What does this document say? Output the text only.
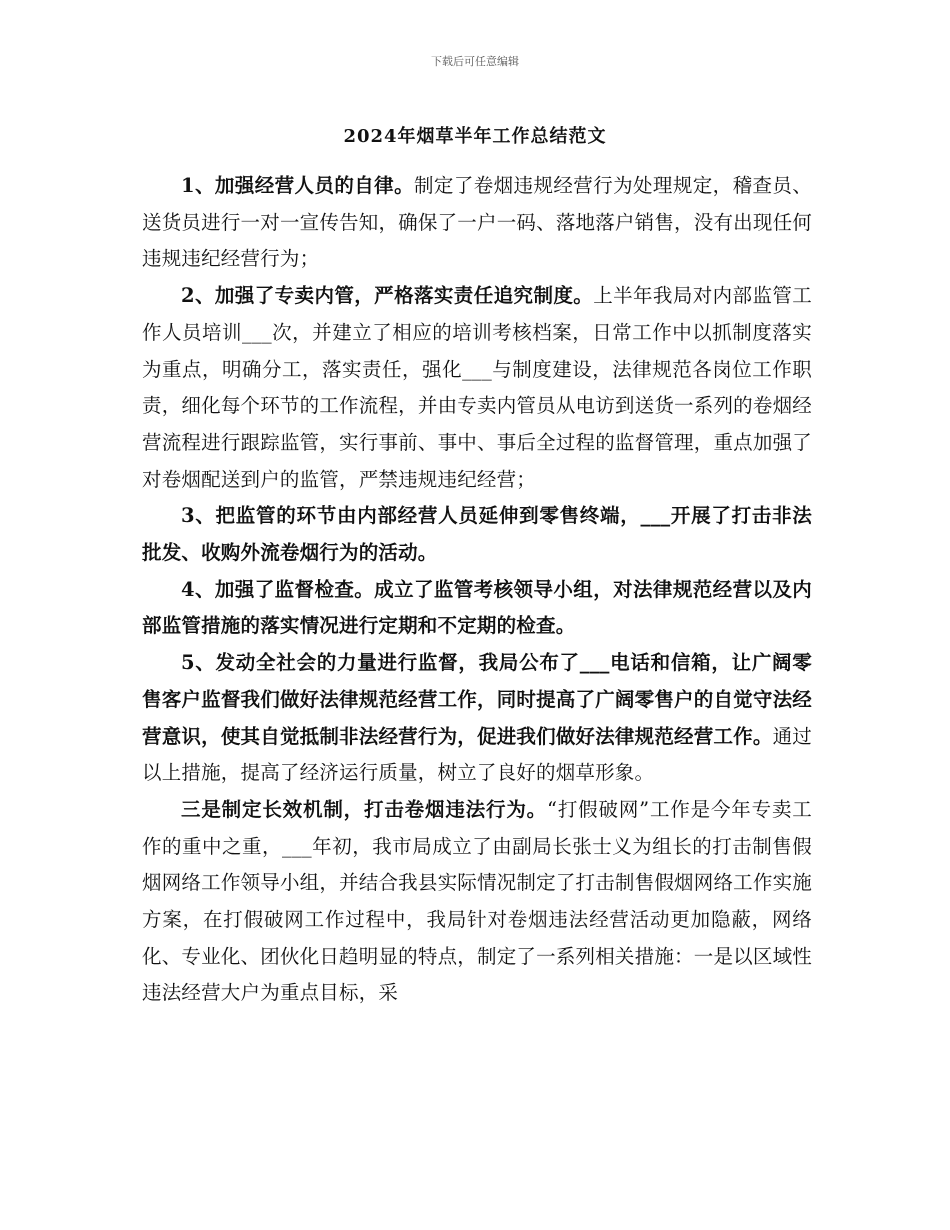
下载后可任意编辑
2024年烟草半年工作总结范文

1、加强经营人员的自律。制定了卷烟违规经营行为处理规定，稽查员、送货员进行一对一宣传告知，确保了一户一码、落地落户销售，没有出现任何违规违纪经营行为；

2、加强了专卖内管，严格落实责任追究制度。上半年我局对内部监管工作人员培训___次，并建立了相应的培训考核档案，日常工作中以抓制度落实为重点，明确分工，落实责任，强化___与制度建设，法律规范各岗位工作职责，细化每个环节的工作流程，并由专卖内管员从电访到送货一系列的卷烟经营流程进行跟踪监管，实行事前、事中、事后全过程的监督管理，重点加强了对卷烟配送到户的监管，严禁违规违纪经营；

3、把监管的环节由内部经营人员延伸到零售终端，___开展了打击非法批发、收购外流卷烟行为的活动。

4、加强了监督检查。成立了监管考核领导小组，对法律规范经营以及内部监管措施的落实情况进行定期和不定期的检查。

5、发动全社会的力量进行监督，我局公布了___电话和信箱，让广阔零售客户监督我们做好法律规范经营工作，同时提高了广阔零售户的自觉守法经营意识，使其自觉抵制非法经营行为，促进我们做好法律规范经营工作。通过以上措施，提高了经济运行质量，树立了良好的烟草形象。

三是制定长效机制，打击卷烟违法行为。“打假破网”工作是今年专卖工作的重中之重，___年初，我市局成立了由副局长张士义为组长的打击制售假烟网络工作领导小组，并结合我县实际情况制定了打击制售假烟网络工作实施方案，在打假破网工作过程中，我局针对卷烟违法经营活动更加隐蔽，网络化、专业化、团伙化日趋明显的特点，制定了一系列相关措施：一是以区域性违法经营大户为重点目标，采
